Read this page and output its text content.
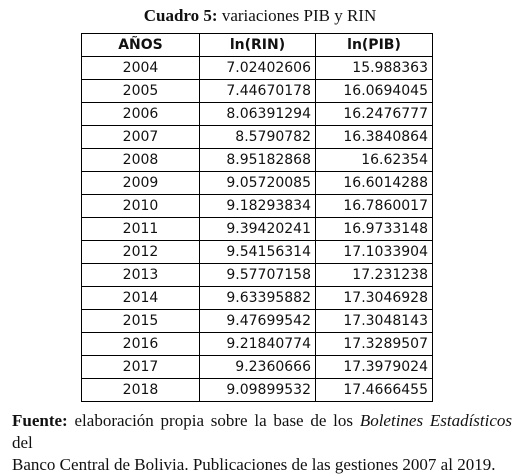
Cuadro 5: variaciones PIB y RIN
AÑOS	ln(RIN)	ln(PIB)
2004	7.02402606	15.988363
2005	7.44670178	16.0694045
2006	8.06391294	16.2476777
2007	8.5790782	16.3840864
2008	8.95182868	16.62354
2009	9.05720085	16.6014288
2010	9.18293834	16.7860017
2011	9.39420241	16.9733148
2012	9.54156314	17.1033904
2013	9.57707158	17.231238
2014	9.63395882	17.3046928
2015	9.47699542	17.3048143
2016	9.21840774	17.3289507
2017	9.2360666	17.3979024
2018	9.09899532	17.4666455
Fuente: elaboración propia sobre la base de los Boletines Estadísticos del
Banco Central de Bolivia. Publicaciones de las gestiones 2007 al 2019.
